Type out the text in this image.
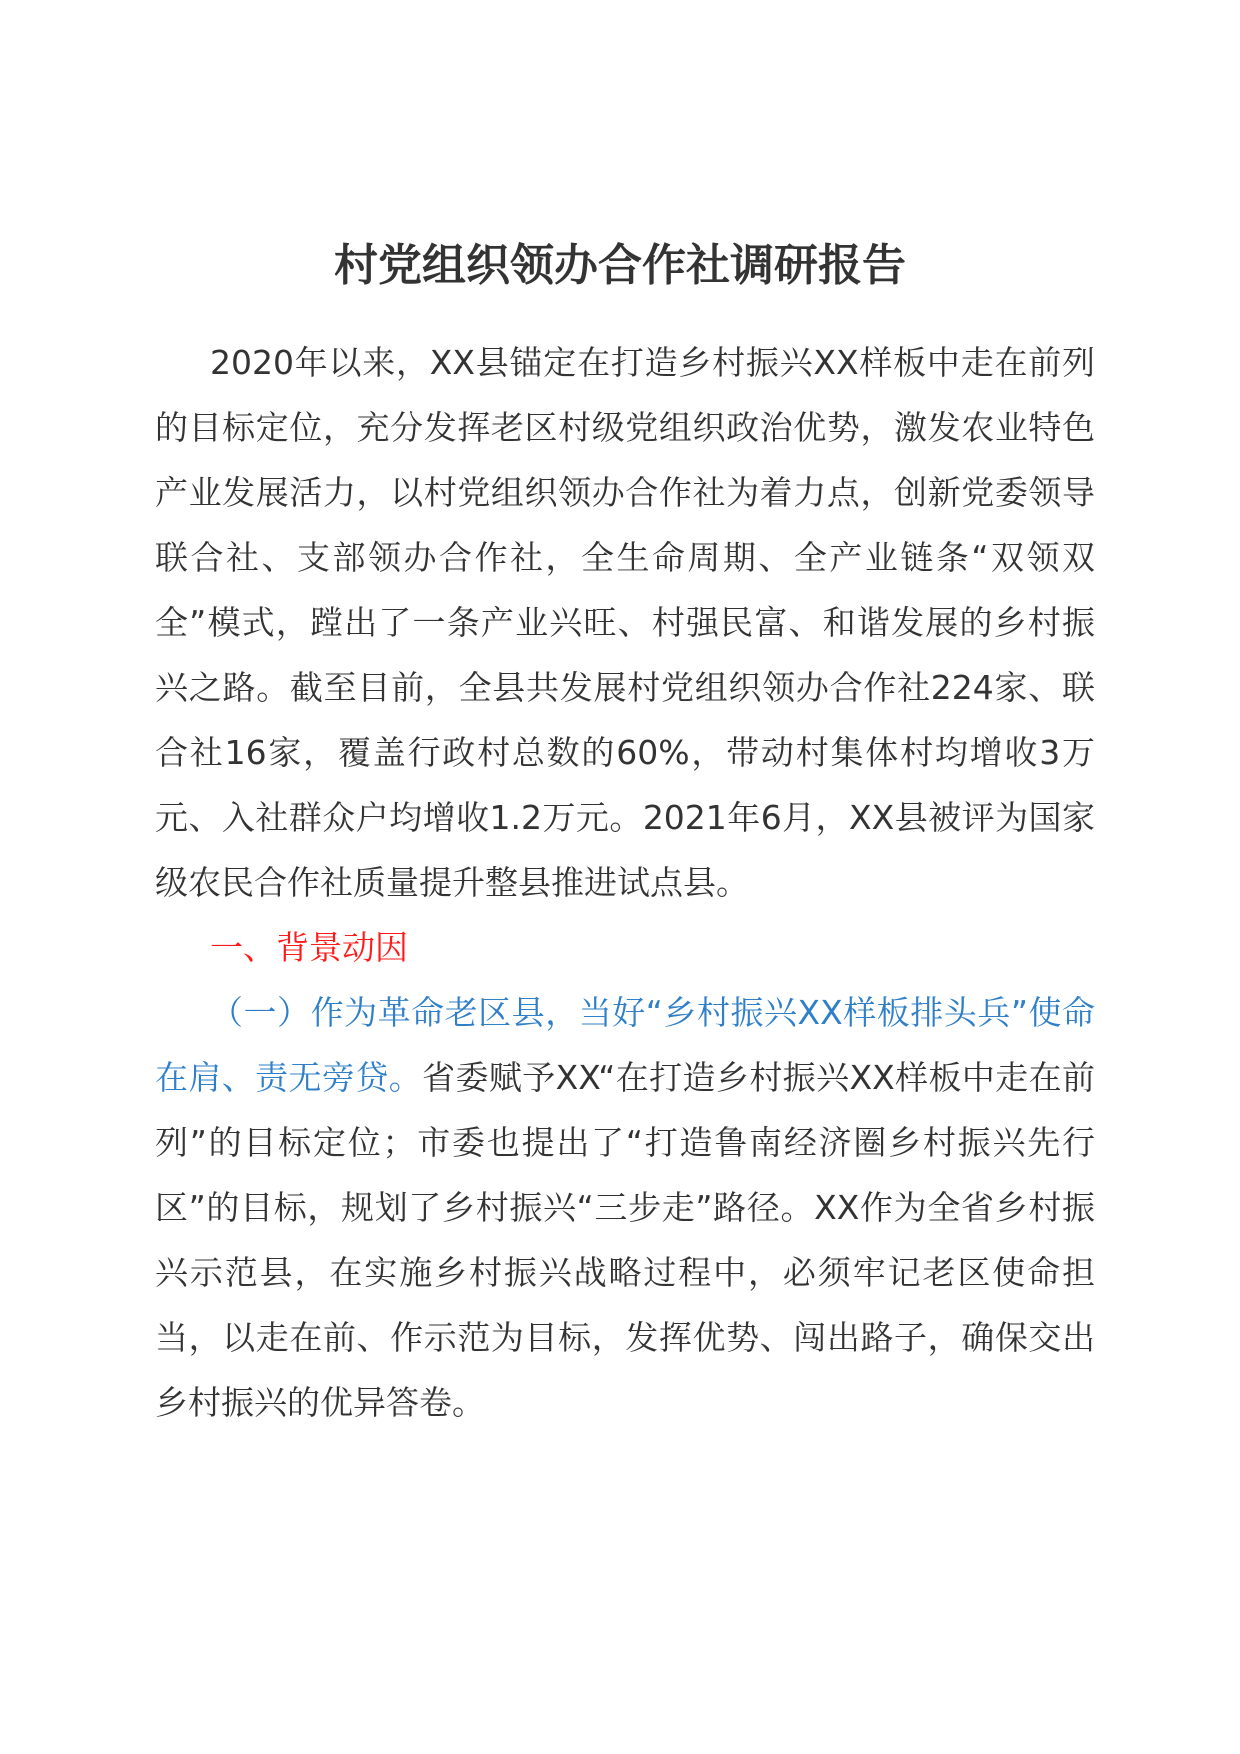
村党组织领办合作社调研报告

2020年以来，XX县锚定在打造乡村振兴XX样板中走在前列的目标定位，充分发挥老区村级党组织政治优势，激发农业特色产业发展活力，以村党组织领办合作社为着力点，创新党委领导联合社、支部领办合作社，全生命周期、全产业链条“双领双全”模式，蹚出了一条产业兴旺、村强民富、和谐发展的乡村振兴之路。截至目前，全县共发展村党组织领办合作社224家、联合社16家，覆盖行政村总数的60%，带动村集体村均增收3万元、入社群众户均增收1.2万元。2021年6月，XX县被评为国家级农民合作社质量提升整县推进试点县。

一、背景动因

（一）作为革命老区县，当好“乡村振兴XX样板排头兵”使命在肩、责无旁贷。省委赋予XX“在打造乡村振兴XX样板中走在前列”的目标定位；市委也提出了“打造鲁南经济圈乡村振兴先行区”的目标，规划了乡村振兴“三步走”路径。XX作为全省乡村振兴示范县，在实施乡村振兴战略过程中，必须牢记老区使命担当，以走在前、作示范为目标，发挥优势、闯出路子，确保交出乡村振兴的优异答卷。
